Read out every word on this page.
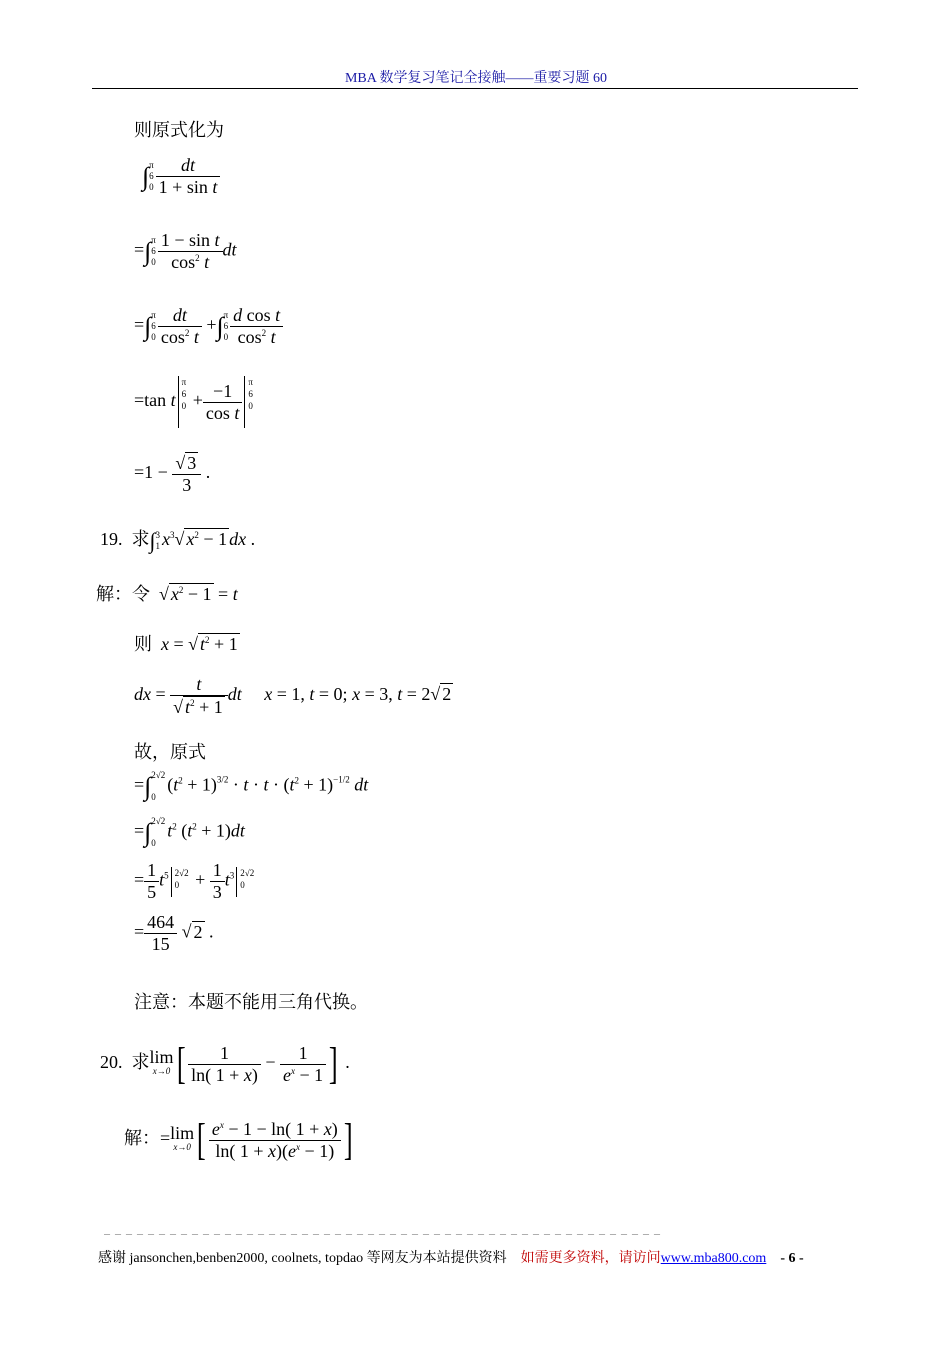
MBA 数学复习笔记全接触——重要习题 60
则原式化为
∫π
6
$0 \frac{dt}{\text{1 + sin t}}$
=∫π
6
$0 \frac{\text{1 − sin t}}{\cos^2 t}$ dt
=∫π
6
$0 \frac{dt}{\cos^2 t} +\int\pi$
6
$0 \frac{\text{d cos t}}{\cos^2 t}$
=tan tπ
6
$0 + \frac{-1}{\text{cos t}}$ π
6
0
$=1 - \frac{√ 3}{3}$ .
19. 求∫3
1 $x^3√$ $x^2 - 1$ dx .
解：令  √ $x^2 - 1 = t$
则 x = √ $t^2 + 1$
dx = $\frac{t}{√ t^2 + 1}$ dt x = 1, t = 0; x = 3, t = 2√ 2
故，原式
=∫2√2

$0(t^2 + 1)^{3/2} \cdot t \cdot t \cdot (t^2 + 1)^{-1/2}$ dt
=∫2√2

$0t^2$ $(t^2 + 1)dt$
= $\frac{1}{5} t^5$ 2√2
$0 + \frac{1}{3} t^3$ 2√2
0
= $\frac{464}{15}$ √ 2 .
注意：本题不能用三角代换。
20. 求lim
x→0 [ $\frac{1}{\ln( 1 + x)} - \frac{1}{e^x - 1}$ ] .
解：=lim
x→0 [ $\frac{e^x - 1 - \ln( 1 + x)}{\ln( 1 + x)(e^x - 1)}$ ]
– – – – – – – – – – – – – – – – – – – – – – – – – – – – – – – – – – – – – – – – – – – – – – – – – – –
感谢 jansonchen,benben2000, coolnets, topdao 等网友为本站提供资料 如需更多资料，请访问www.mba800.com - 6 -
